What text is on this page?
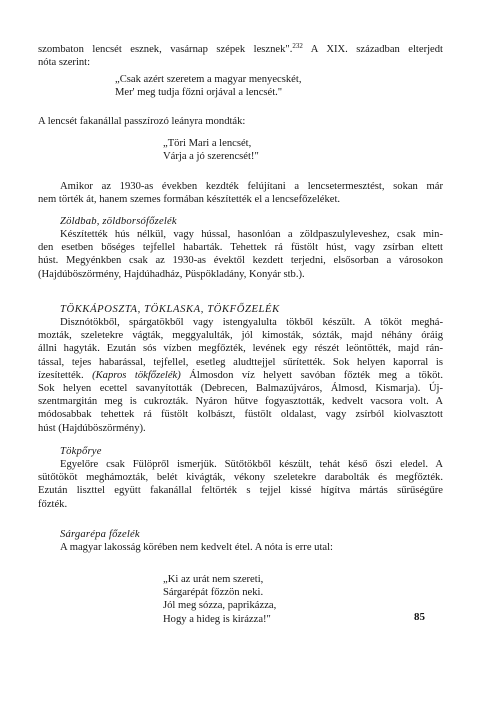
szombaton lencsét esznek, vasárnap szépek lesznek".$^{232}$ A XIX. században elterjedt
nóta szerint:
„Csak azért szeretem a magyar menyecskét,
Mer' meg tudja főzni orjával a lencsét."
A lencsét fakanállal passzírozó leányra mondták:
„Töri Mari a lencsét,
Várja a jó szerencsét!"
Amikor az 1930-as években kezdték felújítani a lencsetermesztést, sokan már
nem törték át, hanem szemes formában készítették el a lencsefőzeléket.
Zöldbab, zöldborsófőzelék
Készítették hús nélkül, vagy hússal, hasonlóan a zöldpaszulyleveshez, csak min-
den esetben bőséges tejfellel habarták. Tehettek rá füstölt húst, vagy zsírban eltett
húst. Megyénkben csak az 1930-as évektől kezdett terjedni, elsősorban a városokon
(Hajdúböszörmény, Hajdúhadház, Püspökladány, Konyár stb.).
TÖKKÁPOSZTA, TÖKLASKA, TÖKFŐZELÉK
Disznótökből, spárgatökből vagy istengyalulta tökből készült. A tököt meghá-
mozták, szeletekre vágták, meggyalulták, jól kimosták, sózták, majd néhány óráig
állni hagyták. Ezután sós vízben megfőzték, levének egy részét leöntötték, majd rán-
tással, tejes habarással, tejfellel, esetleg aludttejjel sűrítették. Sok helyen kaporral is
ízesítették. (Kapros tökfőzelék) Álmosdon víz helyett savóban főzték meg a tököt.
Sok helyen ecettel savanyították (Debrecen, Balmazújváros, Álmosd, Kismarja). Új-
szentmargitán meg is cukrozták. Nyáron hűtve fogyasztották, kedvelt vacsora volt. A
módosabbak tehettek rá füstölt kolbászt, füstölt oldalast, vagy zsírból kiolvasztott
húst (Hajdúböszörmény).
Tökpőrye
Egyelőre csak Fülöpről ismerjük. Sütőtökből készült, tehát késő őszi eledel. A
sütőtököt meghámozták, belét kivágták, vékony szeletekre darabolták és megfőzték.
Ezután liszttel együtt fakanállal feltörték s tejjel kissé hígítva mártás sűrűségűre
főzték.
Sárgarépa főzelék
A magyar lakosság körében nem kedvelt étel. A nóta is erre utal:
„Ki az urát nem szereti,
Sárgarépát főzzön neki.
Jól meg sózza, paprikázza,
Hogy a hideg is kirázza!"	85
